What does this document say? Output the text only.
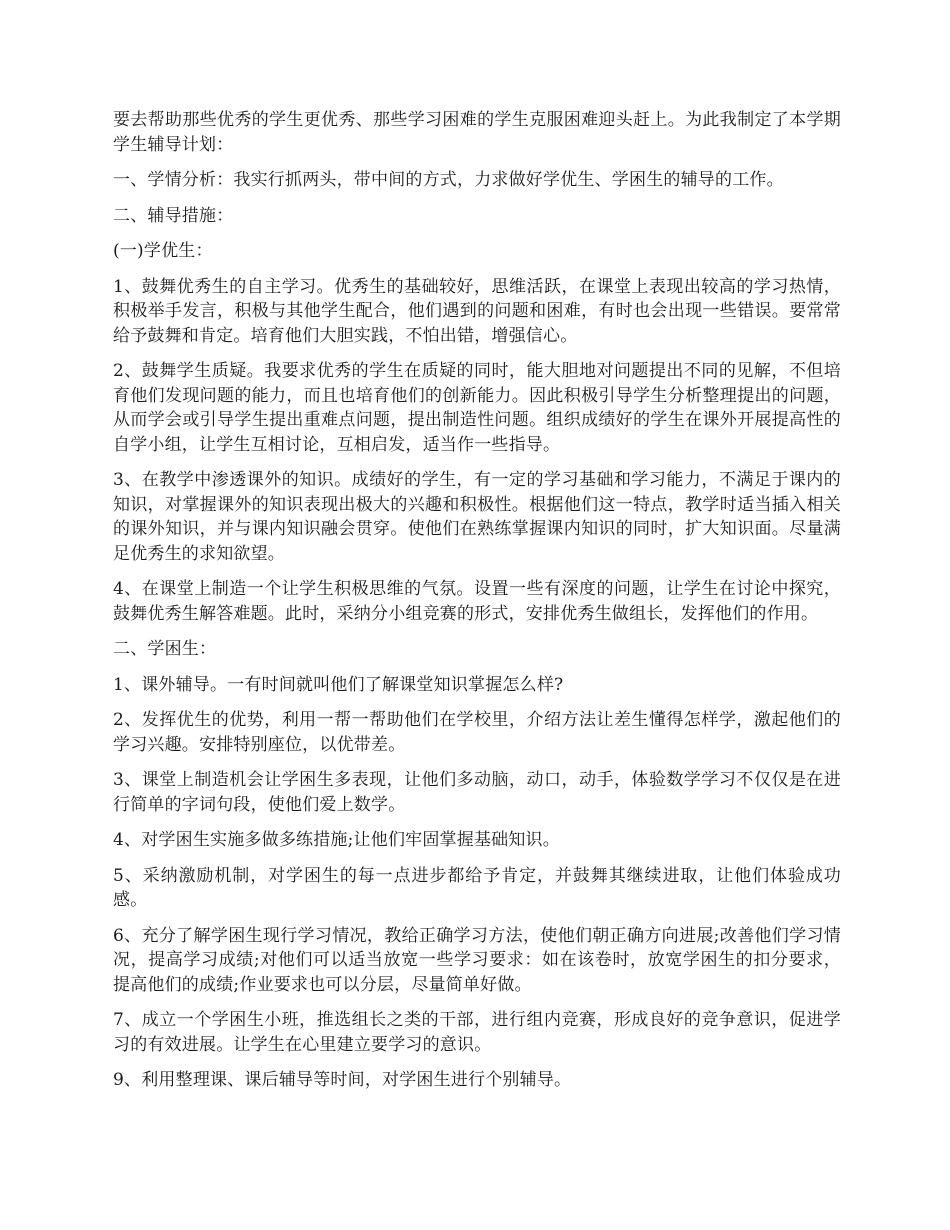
要去帮助那些优秀的学生更优秀、那些学习困难的学生克服困难迎头赶上。为此我制定了本学期学生辅导计划：

一、学情分析：我实行抓两头，带中间的方式，力求做好学优生、学困生的辅导的工作。

二、辅导措施：

(一)学优生：

1、鼓舞优秀生的自主学习。优秀生的基础较好，思维活跃，在课堂上表现出较高的学习热情，积极举手发言，积极与其他学生配合，他们遇到的问题和困难，有时也会出现一些错误。要常常给予鼓舞和肯定。培育他们大胆实践，不怕出错，增强信心。

2、鼓舞学生质疑。我要求优秀的学生在质疑的同时，能大胆地对问题提出不同的见解，不但培育他们发现问题的能力，而且也培育他们的创新能力。因此积极引导学生分析整理提出的问题，从而学会或引导学生提出重难点问题，提出制造性问题。组织成绩好的学生在课外开展提高性的自学小组，让学生互相讨论，互相启发，适当作一些指导。

3、在教学中渗透课外的知识。成绩好的学生，有一定的学习基础和学习能力，不满足于课内的知识，对掌握课外的知识表现出极大的兴趣和积极性。根据他们这一特点，教学时适当插入相关的课外知识，并与课内知识融会贯穿。使他们在熟练掌握课内知识的同时，扩大知识面。尽量满足优秀生的求知欲望。

4、在课堂上制造一个让学生积极思维的气氛。设置一些有深度的问题，让学生在讨论中探究，鼓舞优秀生解答难题。此时，采纳分小组竞赛的形式，安排优秀生做组长，发挥他们的作用。

二、学困生：

1、课外辅导。一有时间就叫他们了解课堂知识掌握怎么样?

2、发挥优生的优势，利用一帮一帮助他们在学校里，介绍方法让差生懂得怎样学，激起他们的学习兴趣。安排特别座位，以优带差。

3、课堂上制造机会让学困生多表现，让他们多动脑，动口，动手，体验数学学习不仅仅是在进行简单的字词句段，使他们爱上数学。

4、对学困生实施多做多练措施;让他们牢固掌握基础知识。

5、采纳激励机制，对学困生的每一点进步都给予肯定，并鼓舞其继续进取，让他们体验成功感。

6、充分了解学困生现行学习情况，教给正确学习方法，使他们朝正确方向进展;改善他们学习情况，提高学习成绩;对他们可以适当放宽一些学习要求：如在该卷时，放宽学困生的扣分要求，提高他们的成绩;作业要求也可以分层，尽量简单好做。

7、成立一个学困生小班，推选组长之类的干部，进行组内竞赛，形成良好的竞争意识，促进学习的有效进展。让学生在心里建立要学习的意识。

9、利用整理课、课后辅导等时间，对学困生进行个别辅导。
